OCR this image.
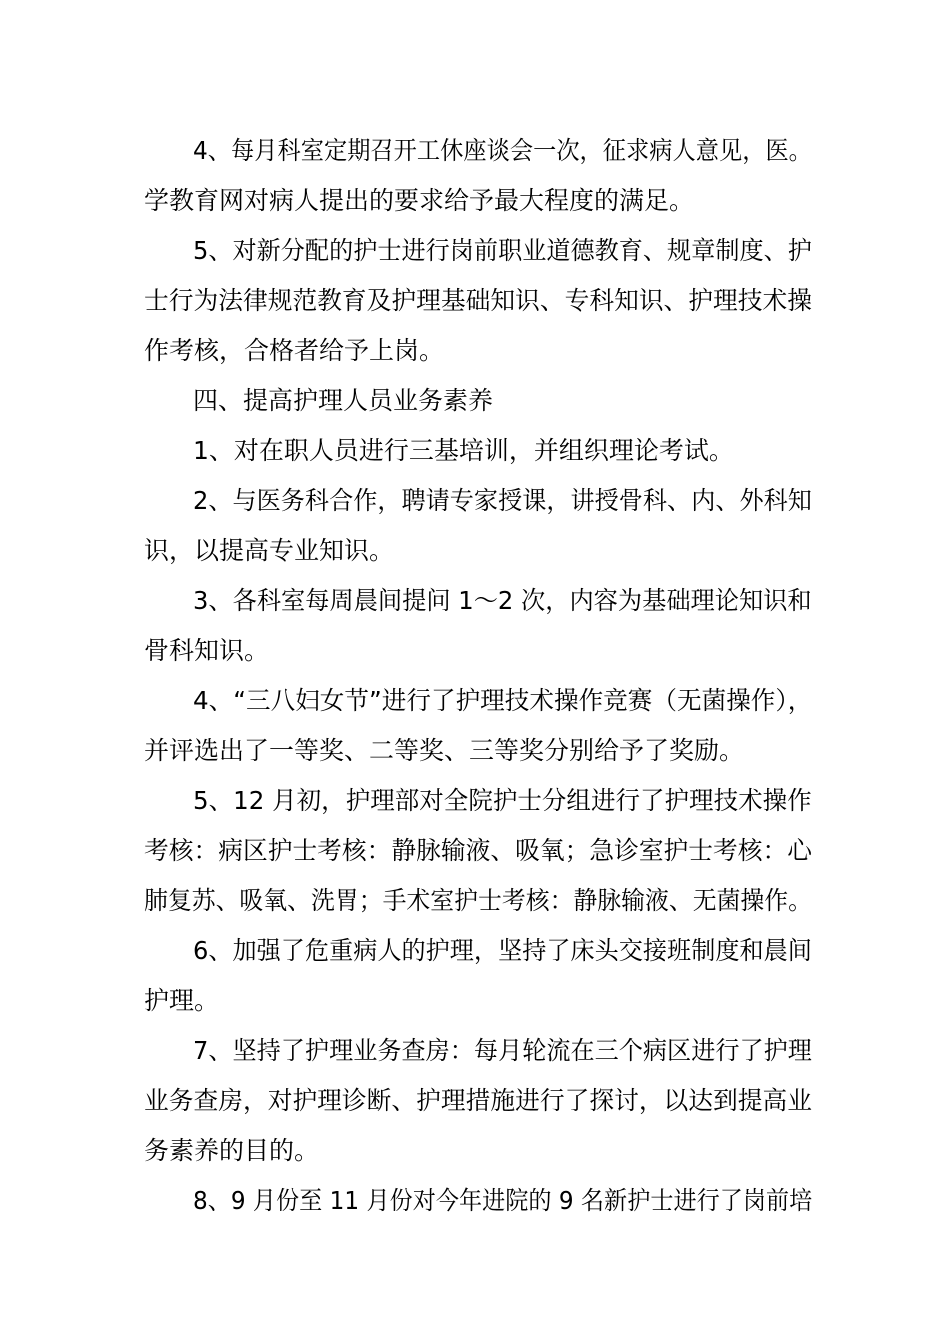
4、每月科室定期召开工休座谈会一次，征求病人意见，医。
学教育网对病人提出的要求给予最大程度的满足。
5、对新分配的护士进行岗前职业道德教育、规章制度、护
士行为法律规范教育及护理基础知识、专科知识、护理技术操
作考核，合格者给予上岗。
四、提高护理人员业务素养
1、对在职人员进行三基培训，并组织理论考试。
2、与医务科合作，聘请专家授课，讲授骨科、内、外科知
识，以提高专业知识。
3、各科室每周晨间提问 1～2 次，内容为基础理论知识和
骨科知识。
4、“三八妇女节”进行了护理技术操作竞赛（无菌操作），
并评选出了一等奖、二等奖、三等奖分别给予了奖励。
5、12 月初，护理部对全院护士分组进行了护理技术操作
考核：病区护士考核：静脉输液、吸氧；急诊室护士考核：心
肺复苏、吸氧、洗胃；手术室护士考核：静脉输液、无菌操作。
6、加强了危重病人的护理，坚持了床头交接班制度和晨间
护理。
7、坚持了护理业务查房：每月轮流在三个病区进行了护理
业务查房，对护理诊断、护理措施进行了探讨，以达到提高业
务素养的目的。
8、9 月份至 11 月份对今年进院的 9 名新护士进行了岗前培
